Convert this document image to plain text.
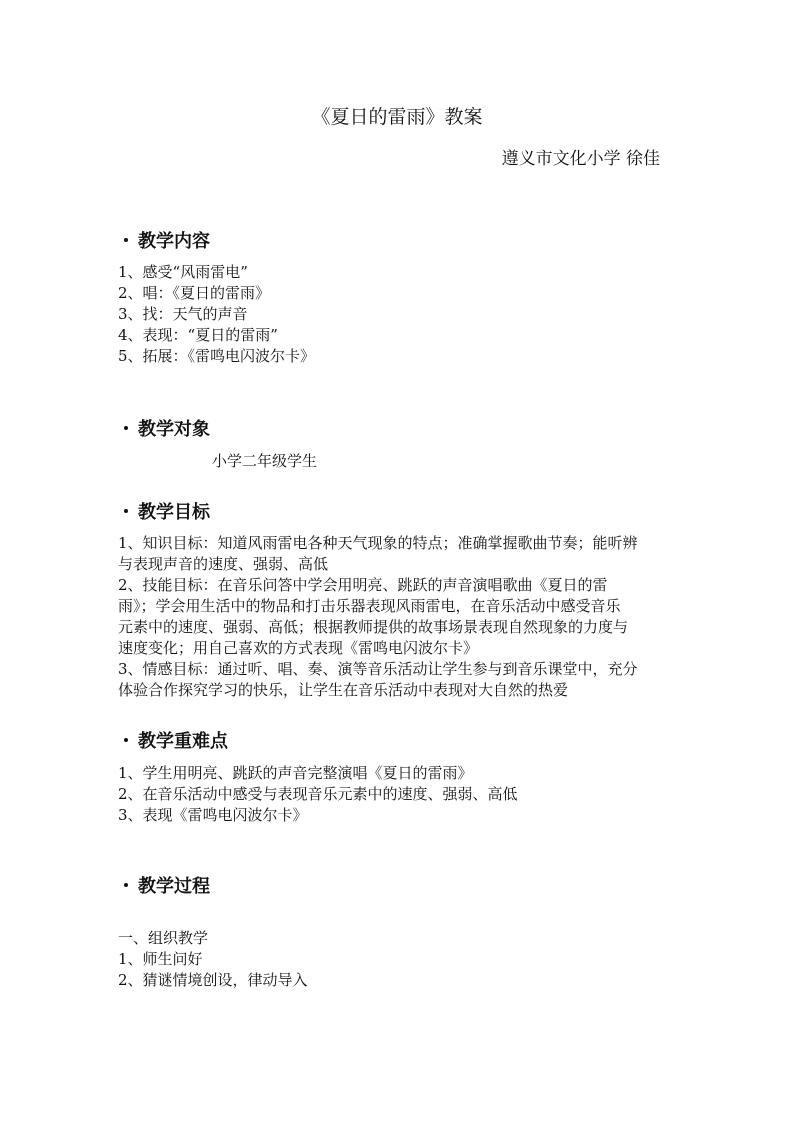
《夏日的雷雨》教案
遵义市文化小学 徐佳
教学内容
1、感受“风雨雷电”
2、唱：《夏日的雷雨》
3、找：天气的声音
4、表现：“夏日的雷雨”
5、拓展：《雷鸣电闪波尔卡》
教学对象
小学二年级学生
教学目标
1、知识目标：知道风雨雷电各种天气现象的特点；准确掌握歌曲节奏；能听辨
与表现声音的速度、强弱、高低
2、技能目标：在音乐问答中学会用明亮、跳跃的声音演唱歌曲《夏日的雷
雨》；学会用生活中的物品和打击乐器表现风雨雷电，在音乐活动中感受音乐
元素中的速度、强弱、高低；根据教师提供的故事场景表现自然现象的力度与
速度变化；用自己喜欢的方式表现《雷鸣电闪波尔卡》
3、情感目标：通过听、唱、奏、演等音乐活动让学生参与到音乐课堂中，充分
体验合作探究学习的快乐，让学生在音乐活动中表现对大自然的热爱
教学重难点
1、学生用明亮、跳跃的声音完整演唱《夏日的雷雨》
2、在音乐活动中感受与表现音乐元素中的速度、强弱、高低
3、表现《雷鸣电闪波尔卡》
教学过程
一、组织教学
1、师生问好
2、猜谜情境创设，律动导入
